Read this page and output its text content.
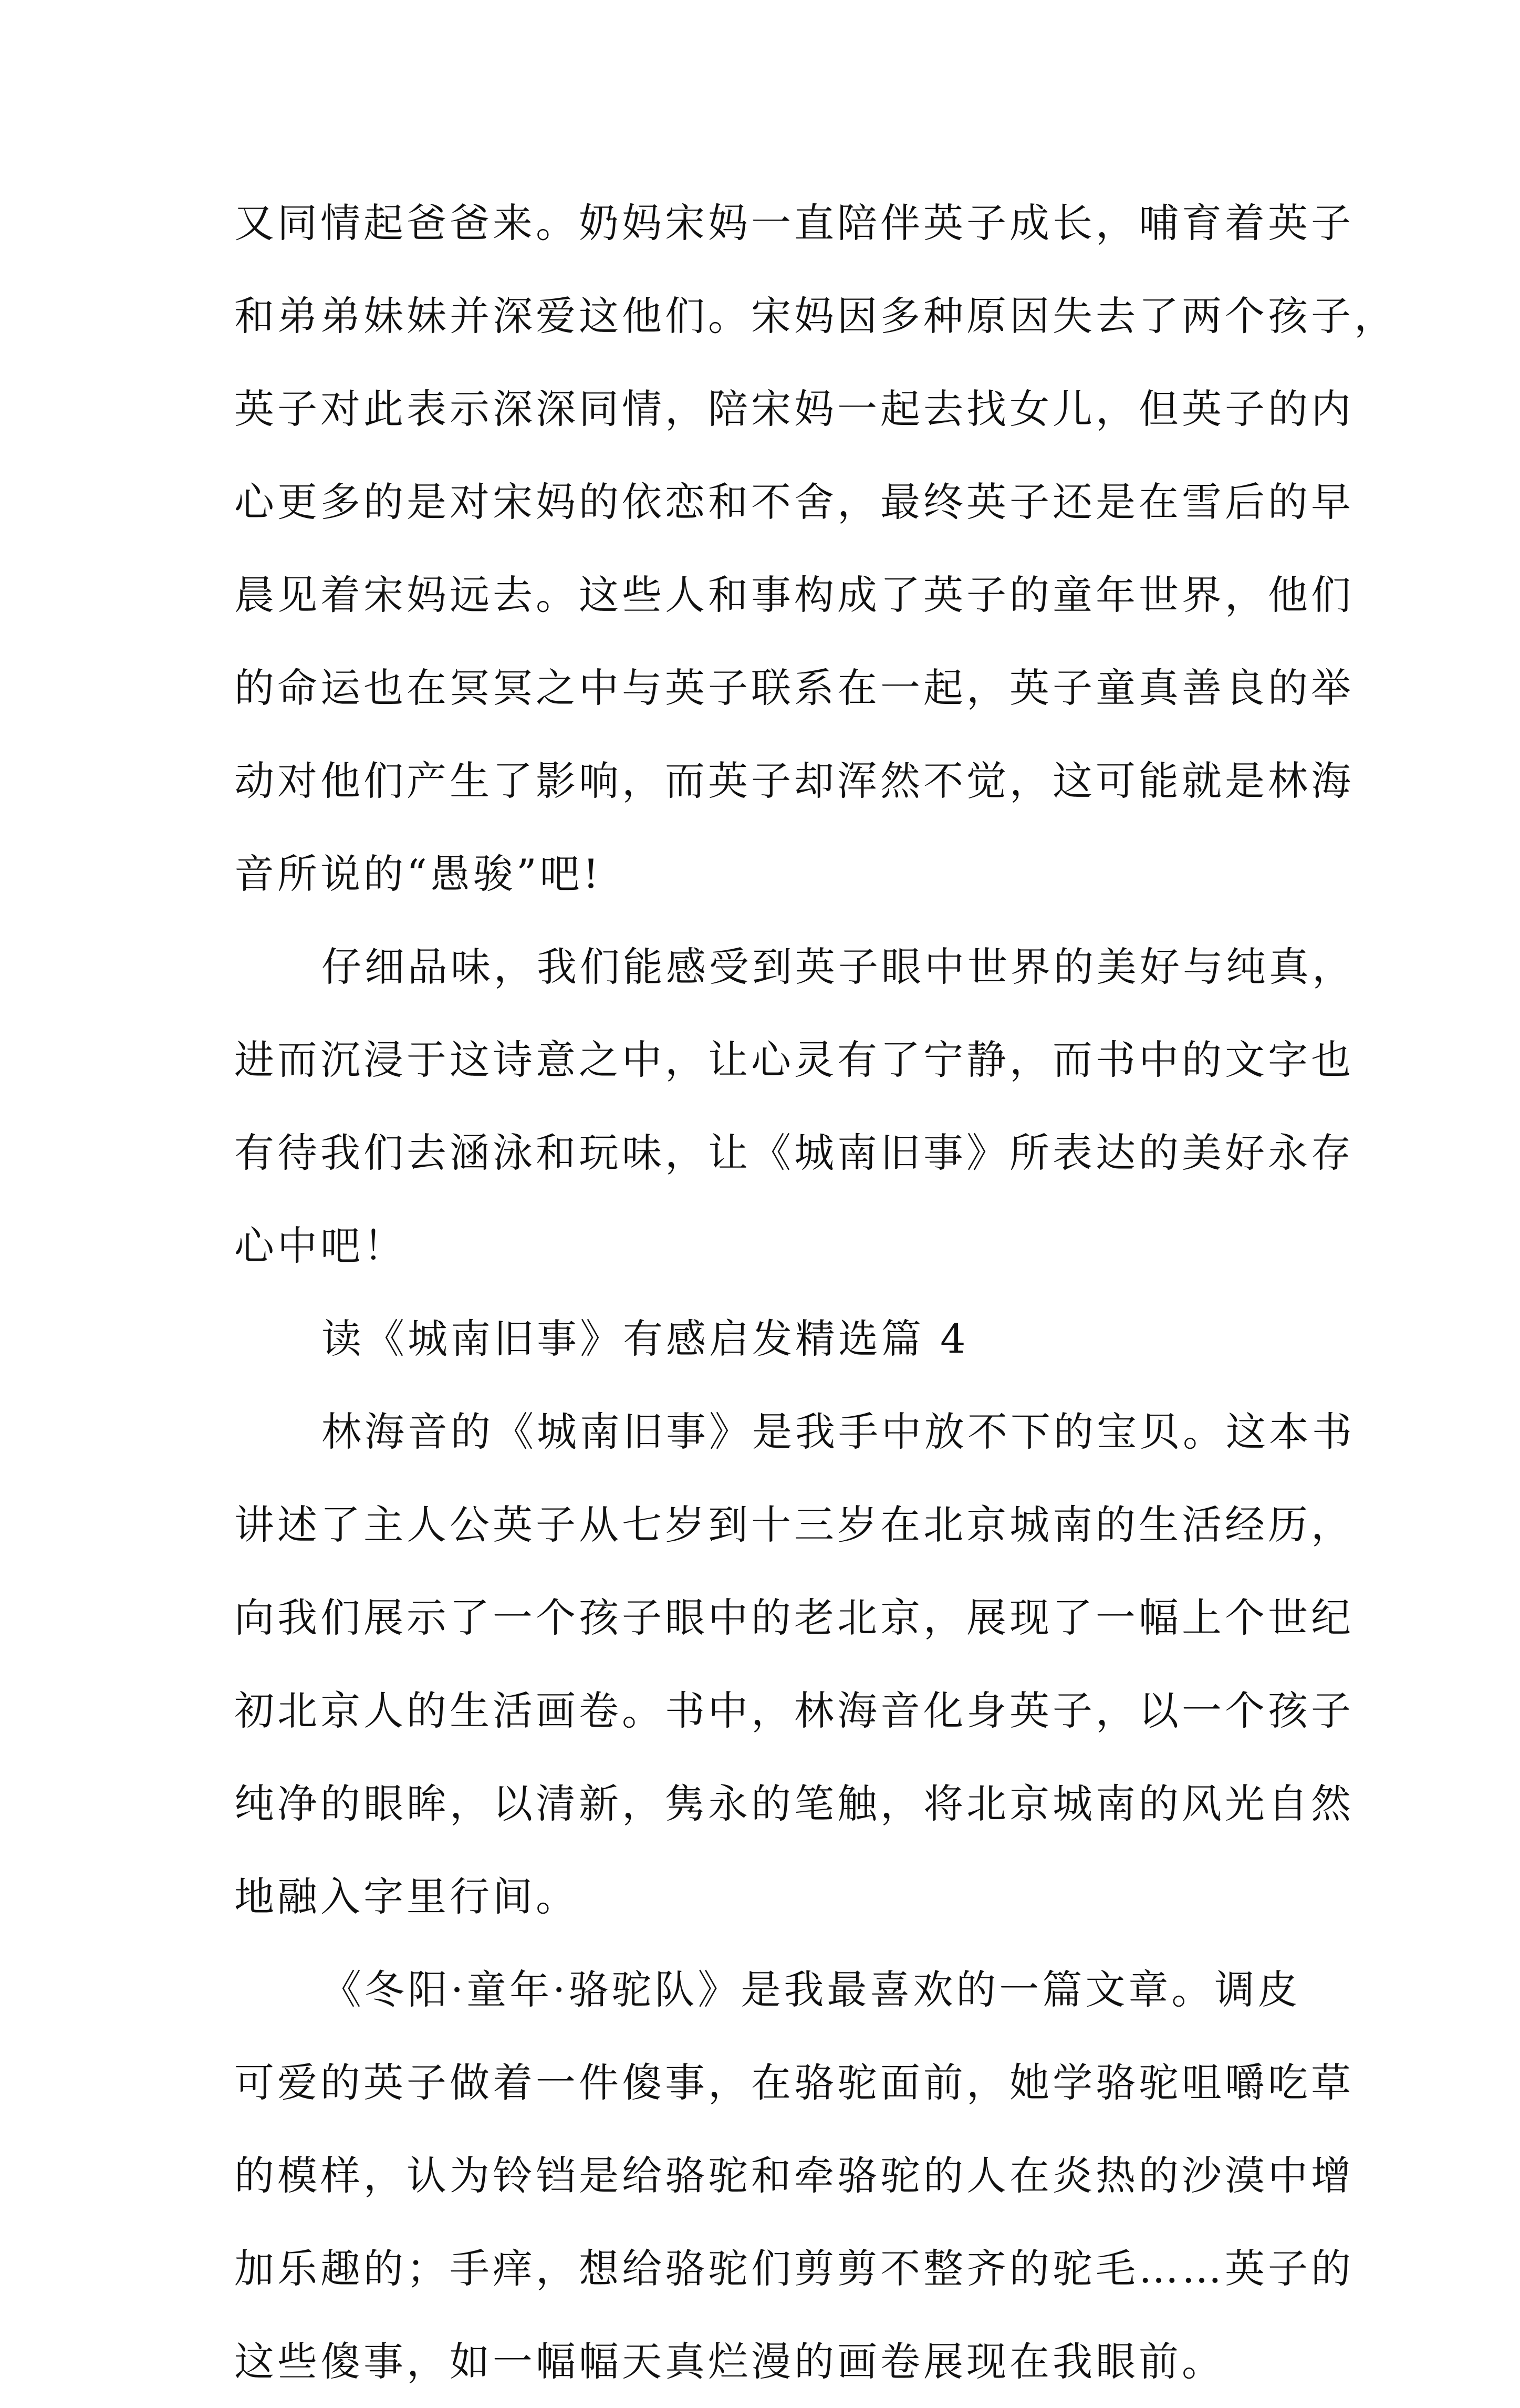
又同情起爸爸来。奶妈宋妈一直陪伴英子成长，哺育着英子
和弟弟妹妹并深爱这他们。宋妈因多种原因失去了两个孩子，
英子对此表示深深同情，陪宋妈一起去找女儿，但英子的内
心更多的是对宋妈的依恋和不舍，最终英子还是在雪后的早
晨见着宋妈远去。这些人和事构成了英子的童年世界，他们
的命运也在冥冥之中与英子联系在一起，英子童真善良的举
动对他们产生了影响，而英子却浑然不觉，这可能就是林海
音所说的“愚骏”吧!
仔细品味，我们能感受到英子眼中世界的美好与纯真，
进而沉浸于这诗意之中，让心灵有了宁静，而书中的文字也
有待我们去涵泳和玩味，让《城南旧事》所表达的美好永存
心中吧！
读《城南旧事》有感启发精选篇 4
林海音的《城南旧事》是我手中放不下的宝贝。这本书
讲述了主人公英子从七岁到十三岁在北京城南的生活经历，
向我们展示了一个孩子眼中的老北京，展现了一幅上个世纪
初北京人的生活画卷。书中，林海音化身英子，以一个孩子
纯净的眼眸，以清新，隽永的笔触，将北京城南的风光自然
地融入字里行间。
《冬阳·童年·骆驼队》是我最喜欢的一篇文章。调皮
可爱的英子做着一件傻事，在骆驼面前，她学骆驼咀嚼吃草
的模样，认为铃铛是给骆驼和牵骆驼的人在炎热的沙漠中增
加乐趣的；手痒，想给骆驼们剪剪不整齐的驼毛……英子的
这些傻事，如一幅幅天真烂漫的画卷展现在我眼前。
